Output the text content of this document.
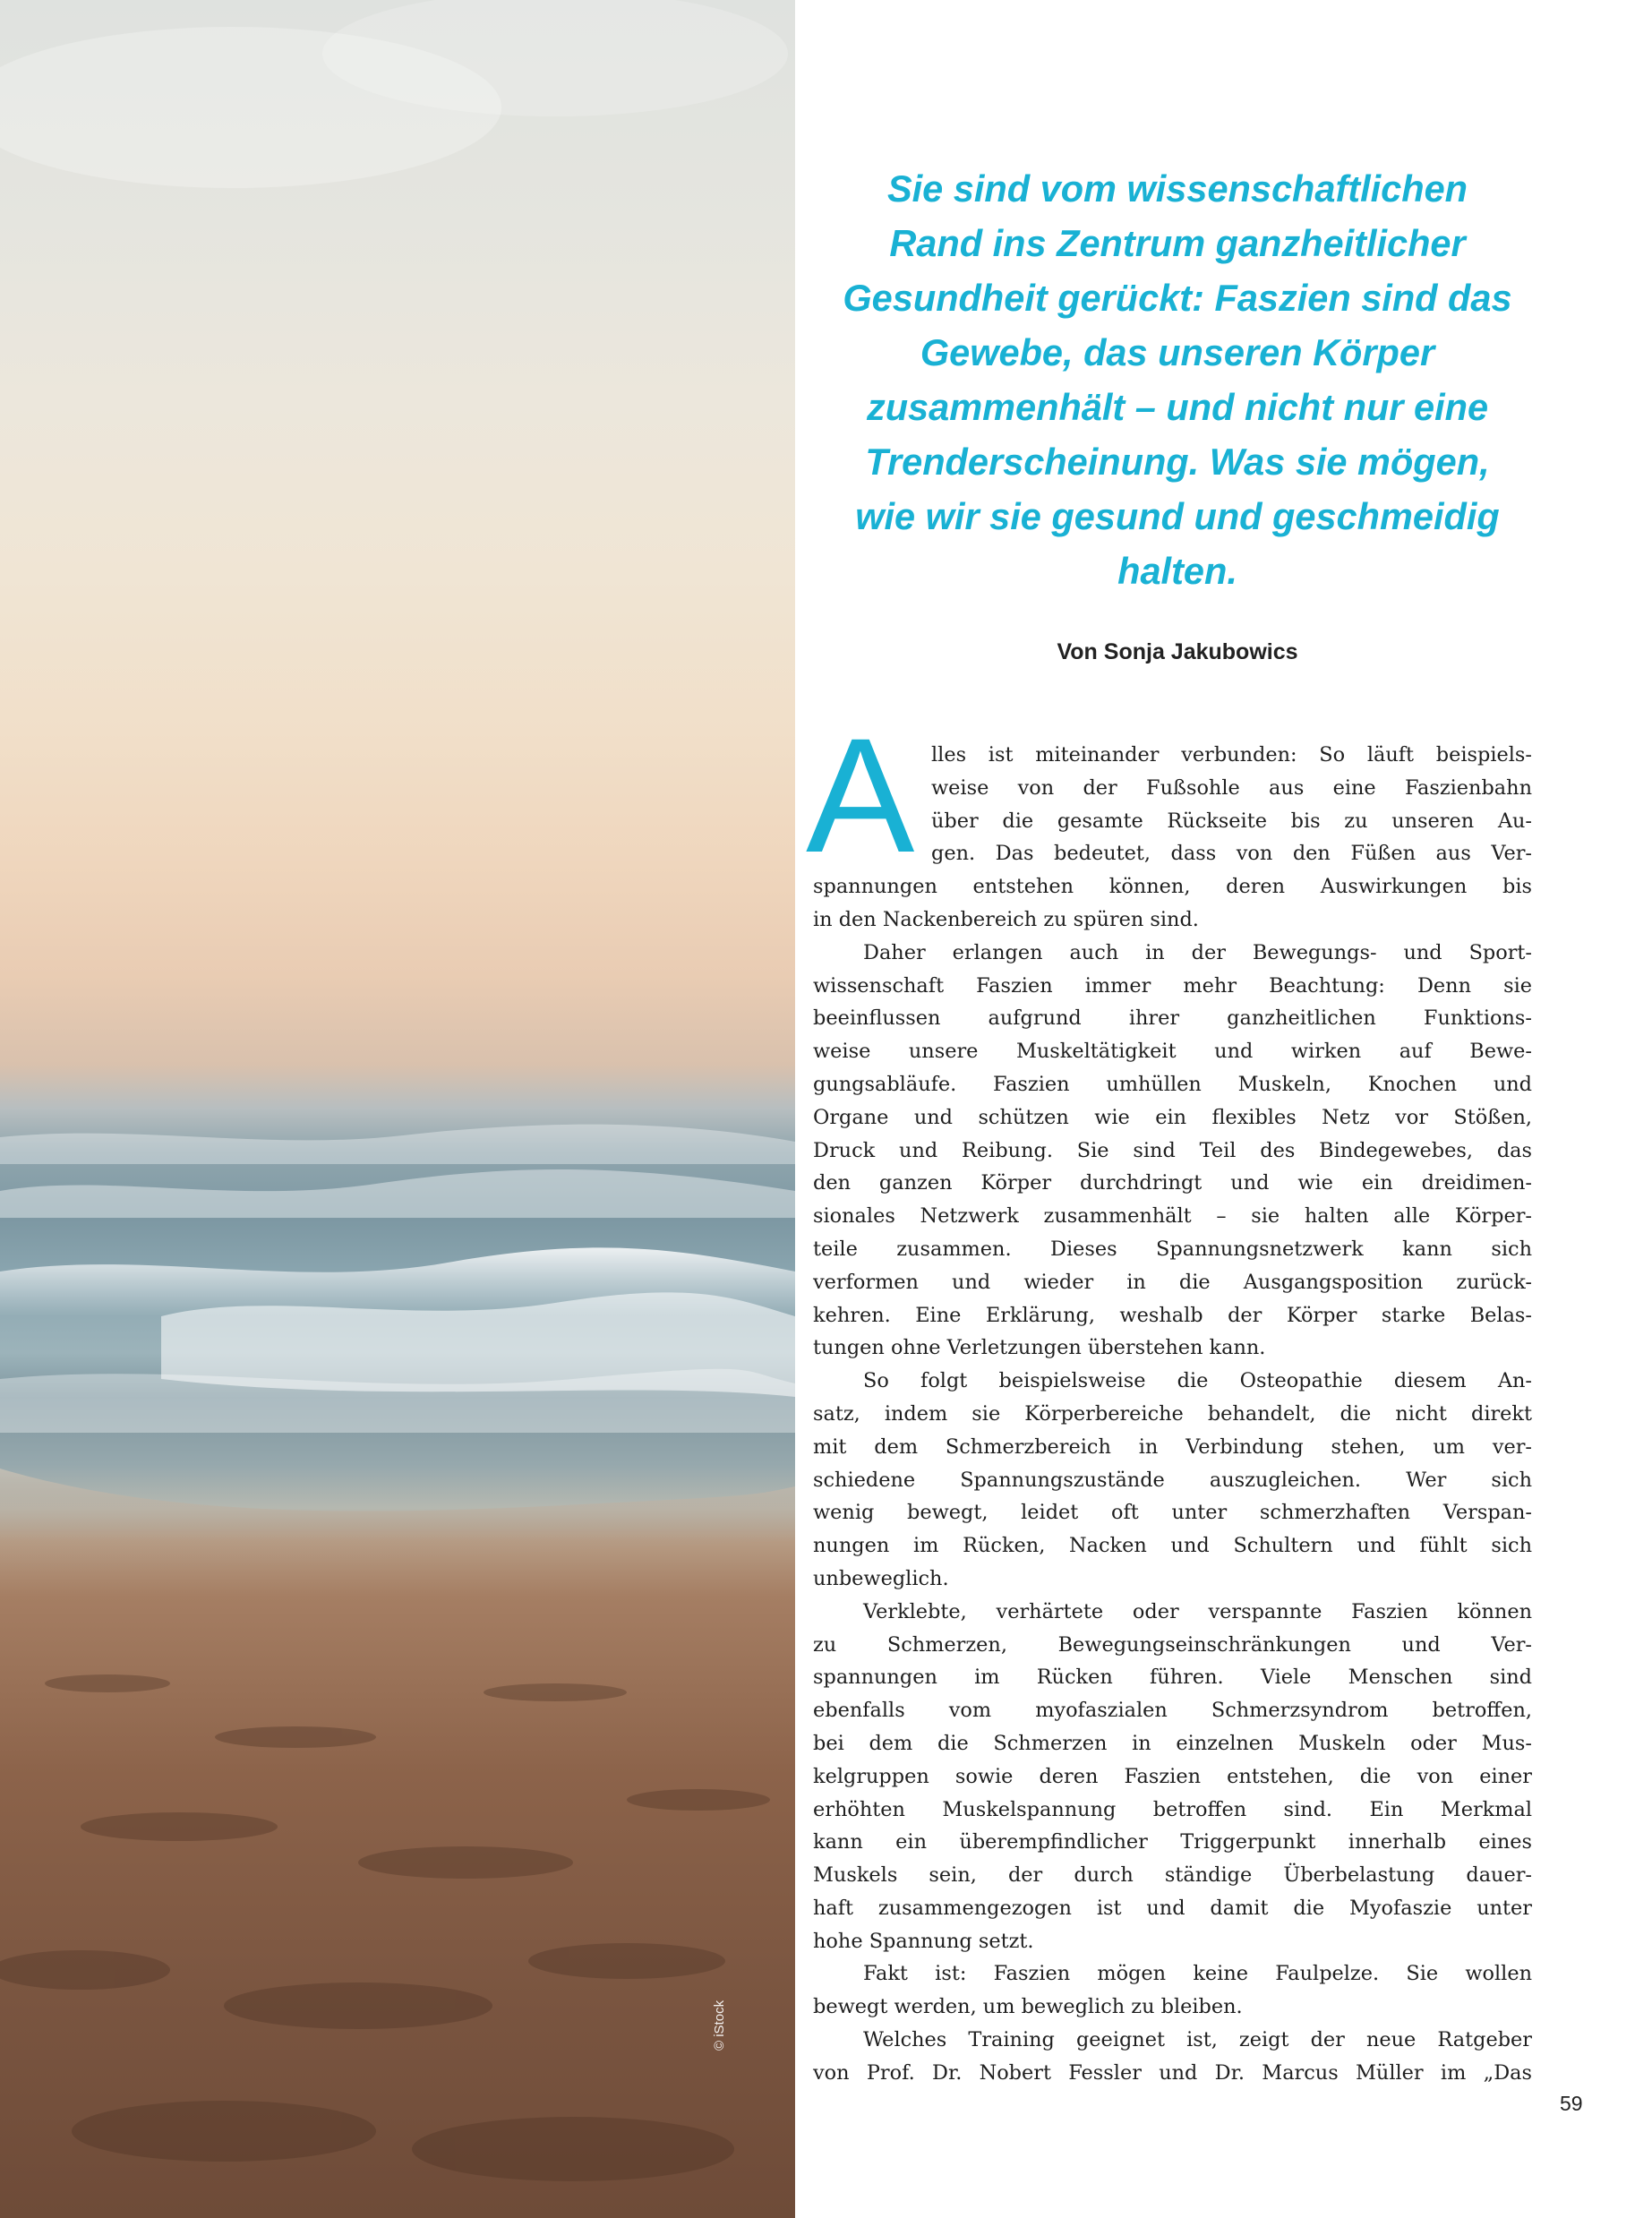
© iStock
Sie sind vom wissenschaftlichen
Rand ins Zentrum ganzheitlicher
Gesundheit gerückt: Faszien sind das
Gewebe, das unseren Körper
zusammenhält – und nicht nur eine
Trenderscheinung. Was sie mögen,
wie wir sie gesund und geschmeidig
halten.
Von Sonja Jakubowics
A lles ist miteinander verbunden: So läuft beispiels-
weise von der Fußsohle aus eine Faszienbahn
über die gesamte Rückseite bis zu unseren Au-
gen. Das bedeutet, dass von den Füßen aus Ver-
spannungen entstehen können, deren Auswirkungen bis
in den Nackenbereich zu spüren sind.
Daher erlangen auch in der Bewegungs- und Sport-
wissenschaft Faszien immer mehr Beachtung: Denn sie
beeinflussen aufgrund ihrer ganzheitlichen Funktions-
weise unsere Muskeltätigkeit und wirken auf Bewe-
gungsabläufe. Faszien umhüllen Muskeln, Knochen und
Organe und schützen wie ein flexibles Netz vor Stößen,
Druck und Reibung. Sie sind Teil des Bindegewebes, das
den ganzen Körper durchdringt und wie ein dreidimen-
sionales Netzwerk zusammenhält – sie halten alle Körper-
teile zusammen. Dieses Spannungsnetzwerk kann sich
verformen und wieder in die Ausgangsposition zurück-
kehren. Eine Erklärung, weshalb der Körper starke Belas-
tungen ohne Verletzungen überstehen kann.
So folgt beispielsweise die Osteopathie diesem An-
satz, indem sie Körperbereiche behandelt, die nicht direkt
mit dem Schmerzbereich in Verbindung stehen, um ver-
schiedene Spannungszustände auszugleichen. Wer sich
wenig bewegt, leidet oft unter schmerzhaften Verspan-
nungen im Rücken, Nacken und Schultern und fühlt sich
unbeweglich.
Verklebte, verhärtete oder verspannte Faszien können
zu Schmerzen, Bewegungseinschränkungen und Ver-
spannungen im Rücken führen. Viele Menschen sind
ebenfalls vom myofaszialen Schmerzsyndrom betroffen,
bei dem die Schmerzen in einzelnen Muskeln oder Mus-
kelgruppen sowie deren Faszien entstehen, die von einer
erhöhten Muskelspannung betroffen sind. Ein Merkmal
kann ein überempfindlicher Triggerpunkt innerhalb eines
Muskels sein, der durch ständige Überbelastung dauer-
haft zusammengezogen ist und damit die Myofaszie unter
hohe Spannung setzt.
Fakt ist: Faszien mögen keine Faulpelze. Sie wollen
bewegt werden, um beweglich zu bleiben.
Welches Training geeignet ist, zeigt der neue Ratgeber
von Prof. Dr. Nobert Fessler und Dr. Marcus Müller im „Das
59
